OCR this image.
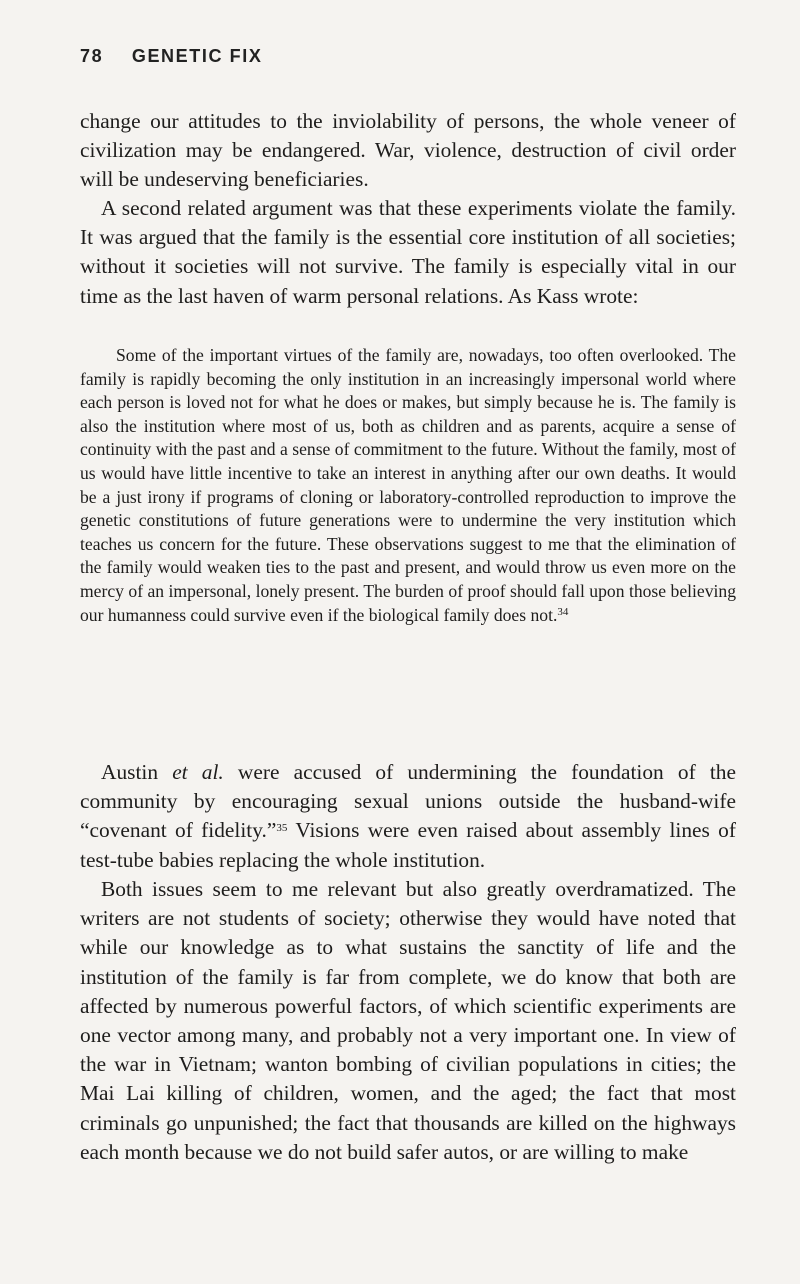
78 GENETIC FIX

change our attitudes to the inviolability of persons, the whole veneer of civilization may be endangered. War, violence, destruction of civil order will be undeserving beneficiaries.

A second related argument was that these experiments violate the family. It was argued that the family is the essential core institution of all societies; without it societies will not survive. The family is especially vital in our time as the last haven of warm personal relations. As Kass wrote:

Some of the important virtues of the family are, nowadays, too often overlooked. The family is rapidly becoming the only institution in an increasingly impersonal world where each person is loved not for what he does or makes, but simply because he is. The family is also the institution where most of us, both as children and as parents, acquire a sense of continuity with the past and a sense of commitment to the future. Without the family, most of us would have little incentive to take an interest in anything after our own deaths. It would be a just irony if programs of cloning or laboratory-controlled reproduction to improve the genetic constitutions of future generations were to undermine the very institution which teaches us concern for the future. These observations suggest to me that the elimination of the family would weaken ties to the past and present, and would throw us even more on the mercy of an impersonal, lonely present. The burden of proof should fall upon those believing our humanness could survive even if the biological family does not.$^{34}$

Austin et al. were accused of undermining the foundation of the community by encouraging sexual unions outside the husband-wife “covenant of fidelity.”$^{35}$ Visions were even raised about assembly lines of test-tube babies replacing the whole institution.

Both issues seem to me relevant but also greatly overdramatized. The writers are not students of society; otherwise they would have noted that while our knowledge as to what sustains the sanctity of life and the institution of the family is far from complete, we do know that both are affected by numerous powerful factors, of which scientific experiments are one vector among many, and probably not a very important one. In view of the war in Vietnam; wanton bombing of civilian populations in cities; the Mai Lai killing of children, women, and the aged; the fact that most criminals go unpunished; the fact that thousands are killed on the highways each month because we do not build safer autos, or are willing to make
